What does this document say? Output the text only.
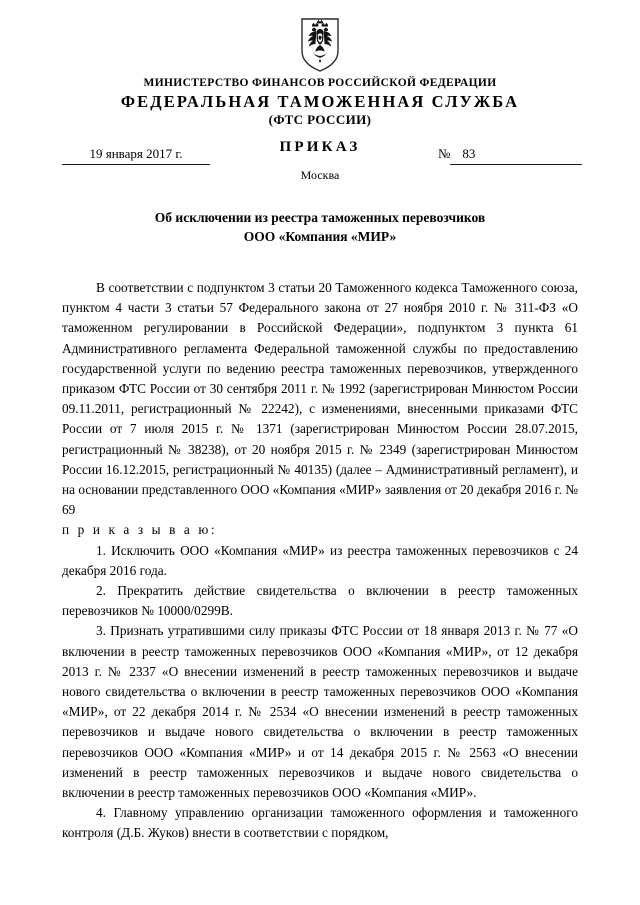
МИНИСТЕРСТВО ФИНАНСОВ РОССИЙСКОЙ ФЕДЕРАЦИИ
ФЕДЕРАЛЬНАЯ ТАМОЖЕННАЯ СЛУЖБА
(ФТС РОССИИ)
ПРИКАЗ
19 января 2017 г.	№ 83
Москва
Об исключении из реестра таможенных перевозчиков
ООО «Компания «МИР»

В соответствии с подпунктом 3 статьи 20 Таможенного кодекса Таможенного союза, пунктом 4 части 3 статьи 57 Федерального закона от 27 ноября 2010 г. № 311-ФЗ «О таможенном регулировании в Российской Федерации», подпунктом 3 пункта 61 Административного регламента Федеральной таможенной службы по предоставлению государственной услуги по ведению реестра таможенных перевозчиков, утвержденного приказом ФТС России от 30 сентября 2011 г. № 1992 (зарегистрирован Минюстом России 09.11.2011, регистрационный № 22242), с изменениями, внесенными приказами ФТС России от 7 июля 2015 г. № 1371 (зарегистрирован Минюстом России 28.07.2015, регистрационный № 38238), от 20 ноября 2015 г. № 2349 (зарегистрирован Минюстом России 16.12.2015, регистрационный № 40135) (далее – Административный регламент), и на основании представленного ООО «Компания «МИР» заявления от 20 декабря 2016 г. № 69

п р и к а з ы в а ю:

1. Исключить ООО «Компания «МИР» из реестра таможенных перевозчиков с 24 декабря 2016 года.

2. Прекратить действие свидетельства о включении в реестр таможенных перевозчиков № 10000/0299В.

3. Признать утратившими силу приказы ФТС России от 18 января 2013 г. № 77 «О включении в реестр таможенных перевозчиков ООО «Компания «МИР», от 12 декабря 2013 г. № 2337 «О внесении изменений в реестр таможенных перевозчиков и выдаче нового свидетельства о включении в реестр таможенных перевозчиков ООО «Компания «МИР», от 22 декабря 2014 г. № 2534 «О внесении изменений в реестр таможенных перевозчиков и выдаче нового свидетельства о включении в реестр таможенных перевозчиков ООО «Компания «МИР» и от 14 декабря 2015 г. № 2563 «О внесении изменений в реестр таможенных перевозчиков и выдаче нового свидетельства о включении в реестр таможенных перевозчиков ООО «Компания «МИР».

4. Главному управлению организации таможенного оформления и таможенного контроля (Д.Б. Жуков) внести в соответствии с порядком,
